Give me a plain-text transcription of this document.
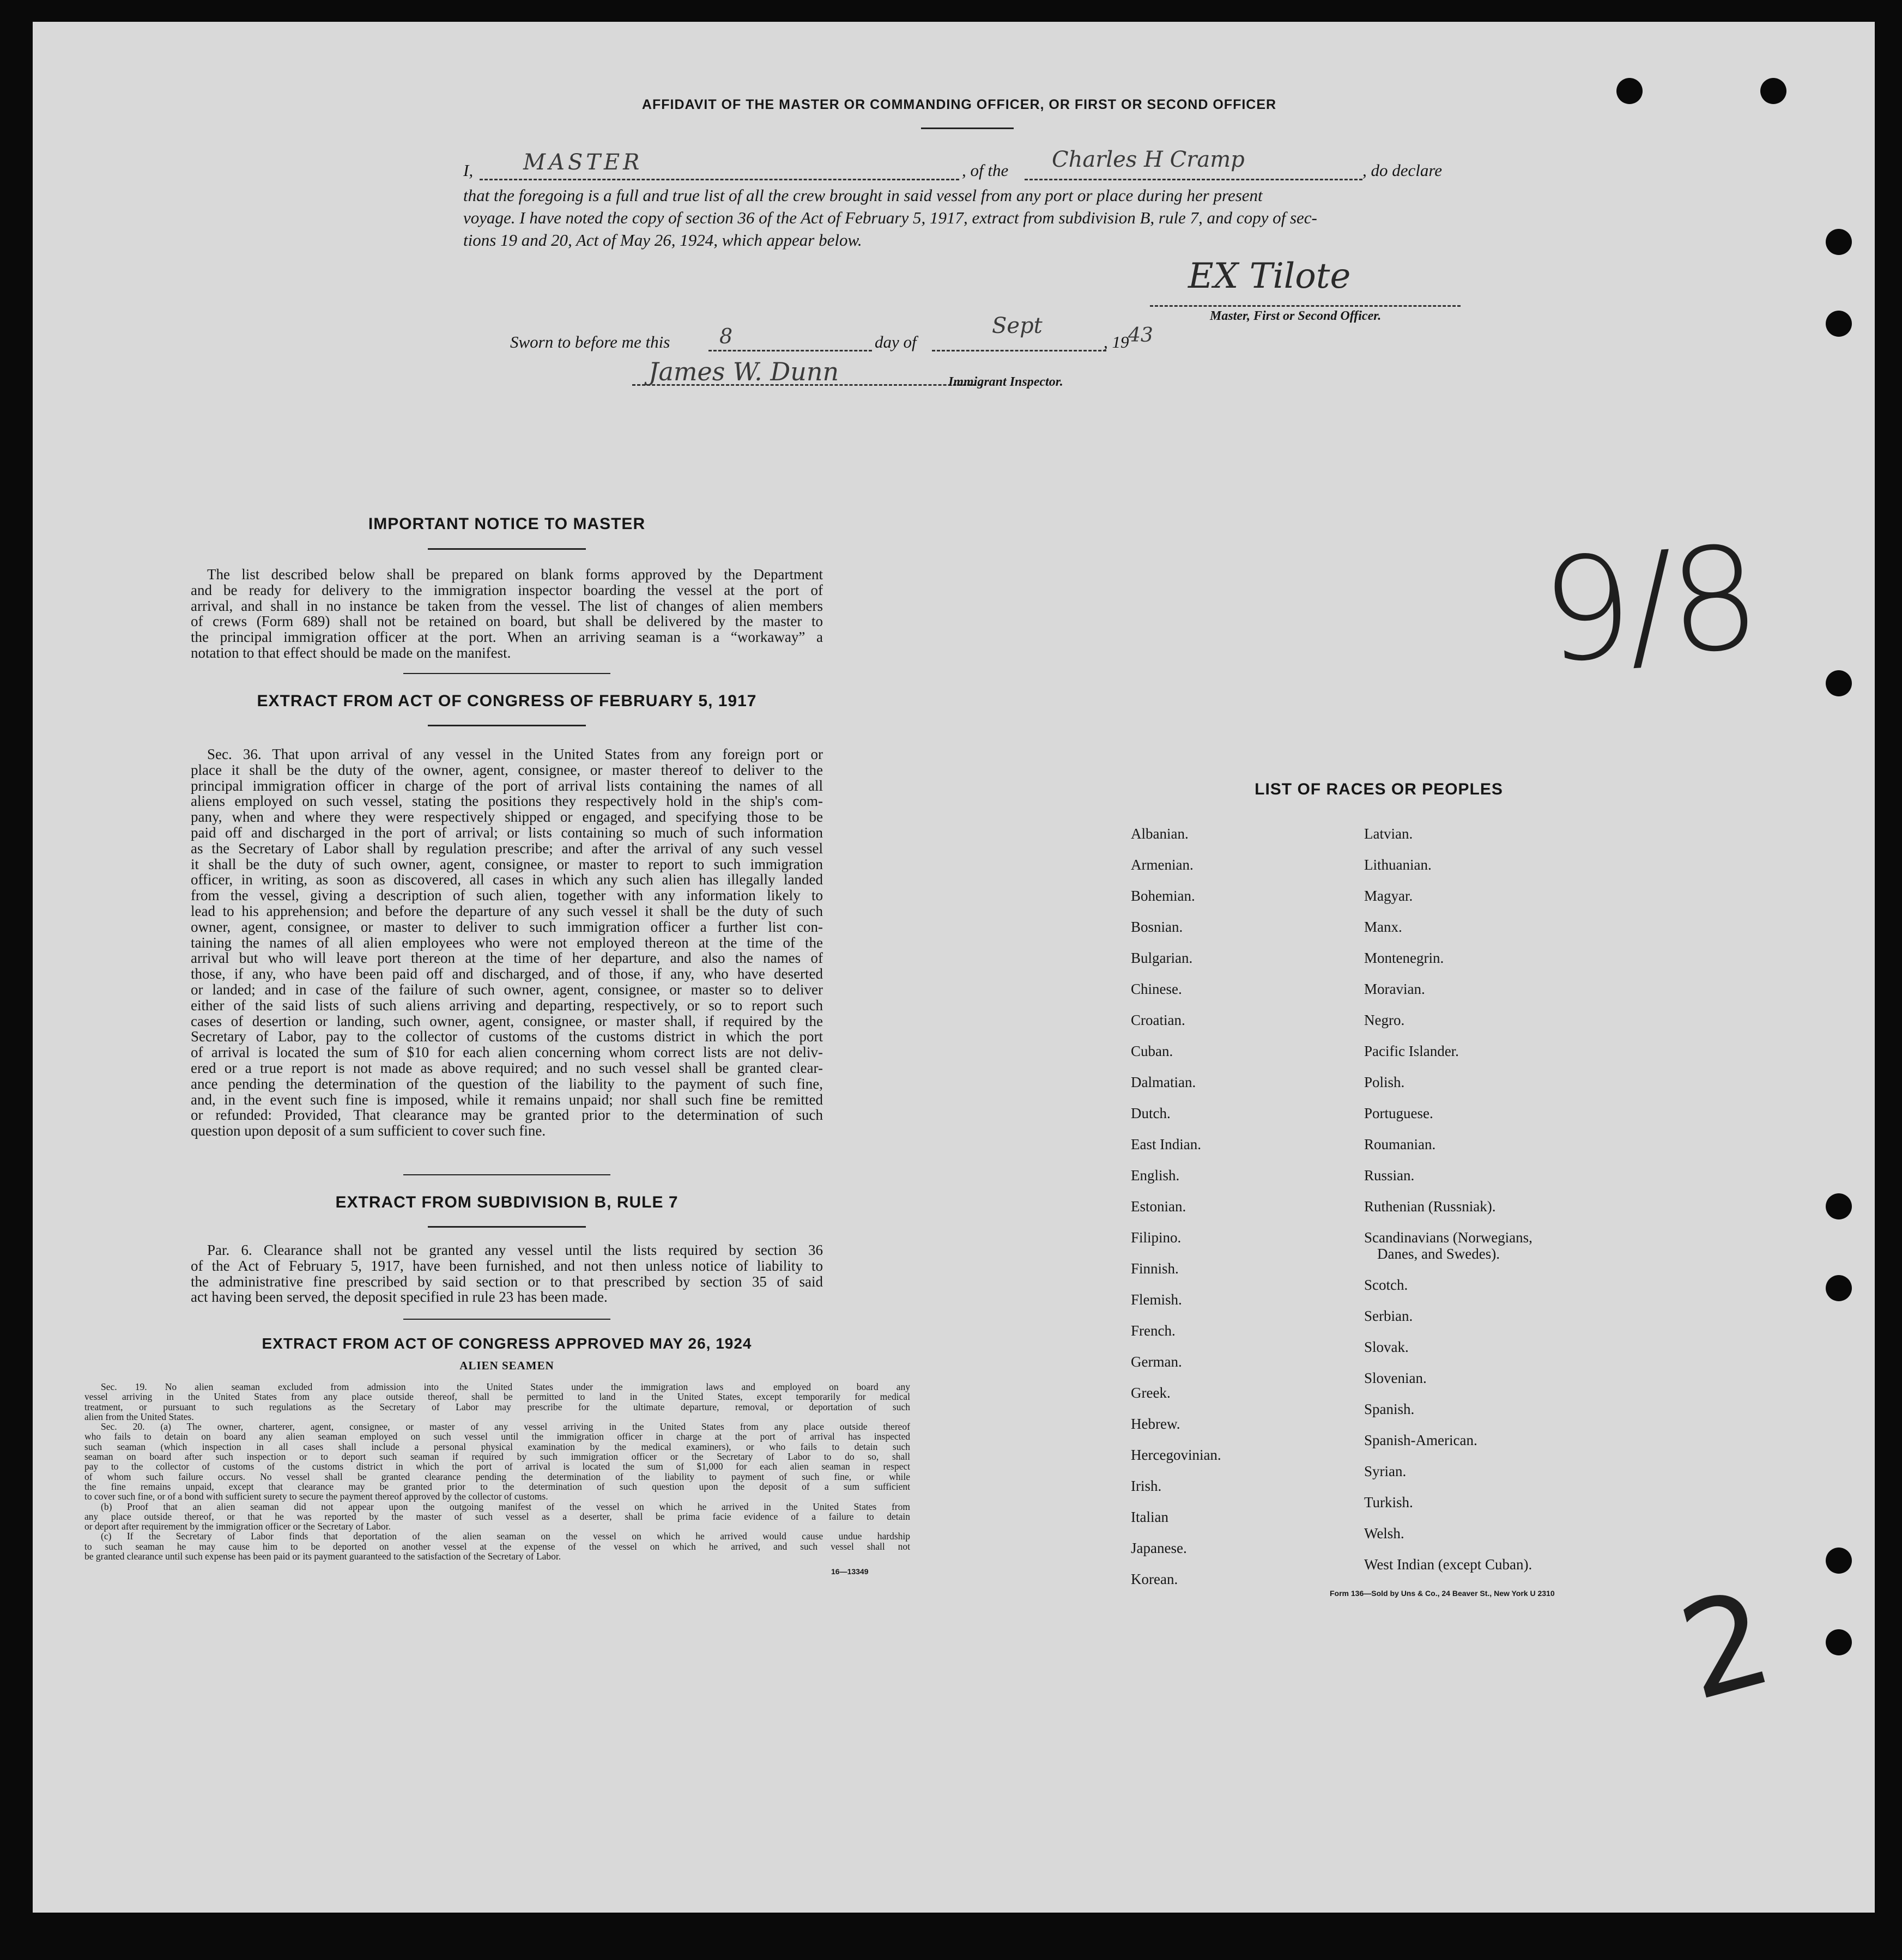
AFFIDAVIT OF THE MASTER OR COMMANDING OFFICER, OR FIRST OR SECOND OFFICER
I, MASTER	, of the Charles H Cramp	, do declare
that the foregoing is a full and true list of all the crew brought in said vessel from any port or place during her present
voyage. I have noted the copy of section 36 of the Act of February 5, 1917, extract from subdivision B, rule 7, and copy of sec-
tions 19 and 20, Act of May 26, 1924, which appear below.
EX Tilote
Master, First or Second Officer.
Sworn to before me this 8	day of
Sept
, 19
43
James W. Dunn	Immigrant Inspector.
IMPORTANT NOTICE TO MASTER
The list described below shall be prepared on blank forms approved by the Department
and be ready for delivery to the immigration inspector boarding the vessel at the port of
arrival, and shall in no instance be taken from the vessel. The list of changes of alien members
of crews (Form 689) shall not be retained on board, but shall be delivered by the master to
the principal immigration officer at the port. When an arriving seaman is a “workaway” a
notation to that effect should be made on the manifest.
EXTRACT FROM ACT OF CONGRESS OF FEBRUARY 5, 1917
Sec. 36. That upon arrival of any vessel in the United States from any foreign port or
place it shall be the duty of the owner, agent, consignee, or master thereof to deliver to the
principal immigration officer in charge of the port of arrival lists containing the names of all
aliens employed on such vessel, stating the positions they respectively hold in the ship's com-
pany, when and where they were respectively shipped or engaged, and specifying those to be
paid off and discharged in the port of arrival; or lists containing so much of such information
as the Secretary of Labor shall by regulation prescribe; and after the arrival of any such vessel
it shall be the duty of such owner, agent, consignee, or master to report to such immigration
officer, in writing, as soon as discovered, all cases in which any such alien has illegally landed
from the vessel, giving a description of such alien, together with any information likely to
lead to his apprehension; and before the departure of any such vessel it shall be the duty of such
owner, agent, consignee, or master to deliver to such immigration officer a further list con-
taining the names of all alien employees who were not employed thereon at the time of the
arrival but who will leave port thereon at the time of her departure, and also the names of
those, if any, who have been paid off and discharged, and of those, if any, who have deserted
or landed; and in case of the failure of such owner, agent, consignee, or master so to deliver
either of the said lists of such aliens arriving and departing, respectively, or so to report such
cases of desertion or landing, such owner, agent, consignee, or master shall, if required by the
Secretary of Labor, pay to the collector of customs of the customs district in which the port
of arrival is located the sum of $10 for each alien concerning whom correct lists are not deliv-
ered or a true report is not made as above required; and no such vessel shall be granted clear-
ance pending the determination of the question of the liability to the payment of such fine,
and, in the event such fine is imposed, while it remains unpaid; nor shall such fine be remitted
or refunded: Provided, That clearance may be granted prior to the determination of such
question upon deposit of a sum sufficient to cover such fine.
EXTRACT FROM SUBDIVISION B, RULE 7
Par. 6. Clearance shall not be granted any vessel until the lists required by section 36
of the Act of February 5, 1917, have been furnished, and not then unless notice of liability to
the administrative fine prescribed by said section or to that prescribed by section 35 of said
act having been served, the deposit specified in rule 23 has been made.
EXTRACT FROM ACT OF CONGRESS APPROVED MAY 26, 1924
ALIEN SEAMEN
Sec. 19. No alien seaman excluded from admission into the United States under the immigration laws and employed on board any
vessel arriving in the United States from any place outside thereof, shall be permitted to land in the United States, except temporarily for medical
treatment, or pursuant to such regulations as the Secretary of Labor may prescribe for the ultimate departure, removal, or deportation of such
alien from the United States.
Sec. 20. (a) The owner, charterer, agent, consignee, or master of any vessel arriving in the United States from any place outside thereof
who fails to detain on board any alien seaman employed on such vessel until the immigration officer in charge at the port of arrival has inspected
such seaman (which inspection in all cases shall include a personal physical examination by the medical examiners), or who fails to detain such
seaman on board after such inspection or to deport such seaman if required by such immigration officer or the Secretary of Labor to do so, shall
pay to the collector of customs of the customs district in which the port of arrival is located the sum of $1,000 for each alien seaman in respect
of whom such failure occurs. No vessel shall be granted clearance pending the determination of the liability to payment of such fine, or while
the fine remains unpaid, except that clearance may be granted prior to the determination of such question upon the deposit of a sum sufficient
to cover such fine, or of a bond with sufficient surety to secure the payment thereof approved by the collector of customs.
(b) Proof that an alien seaman did not appear upon the outgoing manifest of the vessel on which he arrived in the United States from
any place outside thereof, or that he was reported by the master of such vessel as a deserter, shall be prima facie evidence of a failure to detain
or deport after requirement by the immigration officer or the Secretary of Labor.
(c) If the Secretary of Labor finds that deportation of the alien seaman on the vessel on which he arrived would cause undue hardship
to such seaman he may cause him to be deported on another vessel at the expense of the vessel on which he arrived, and such vessel shall not
be granted clearance until such expense has been paid or its payment guaranteed to the satisfaction of the Secretary of Labor.
16—13349
LIST OF RACES OR PEOPLES
Albanian.
Armenian.
Bohemian.
Bosnian.
Bulgarian.
Chinese.
Croatian.
Cuban.
Dalmatian.
Dutch.
East Indian.
English.
Estonian.
Filipino.
Finnish.
Flemish.
French.
German.
Greek.
Hebrew.
Hercegovinian.
Irish.
Italian
Japanese.
Korean.
Latvian.
Lithuanian.
Magyar.
Manx.
Montenegrin.
Moravian.
Negro.
Pacific Islander.
Polish.
Portuguese.
Roumanian.
Russian.
Ruthenian (Russniak).
Scandinavians (Norwegians,
Danes, and Swedes).
Scotch.
Serbian.
Slovak.
Slovenian.
Spanish.
Spanish-American.
Syrian.
Turkish.
Welsh.
West Indian (except Cuban).
Form 136—Sold by Uns & Co., 24 Beaver St., New York U 2310
9/8
2
